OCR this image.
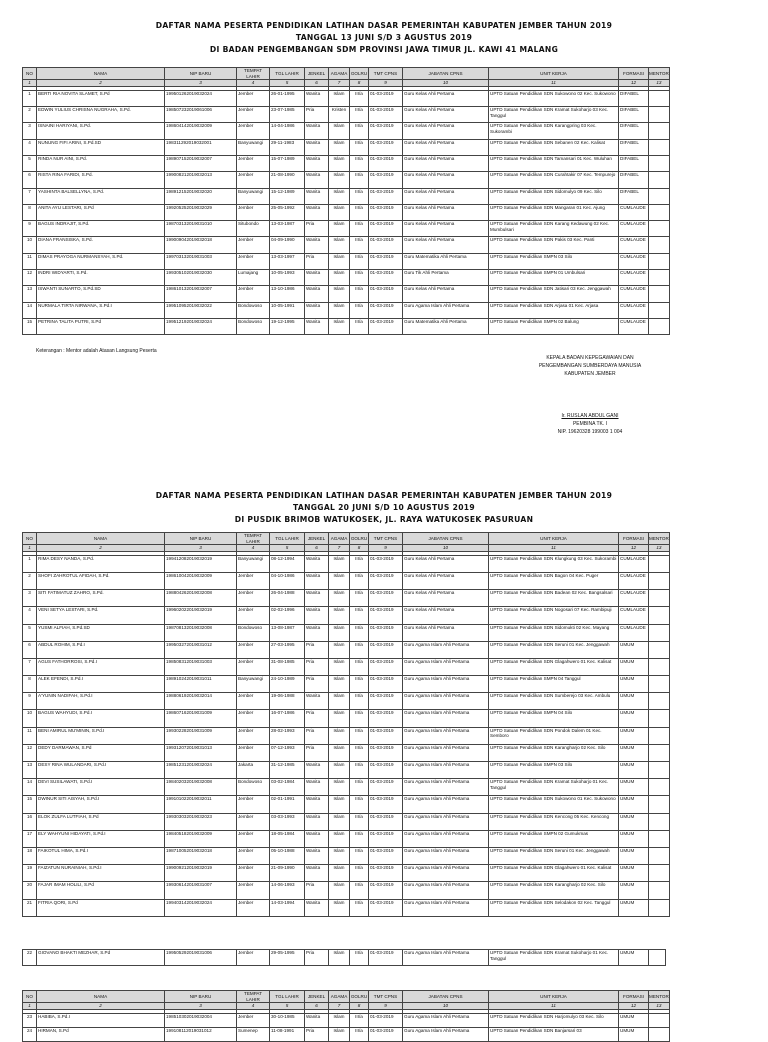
DAFTAR NAMA PESERTA PENDIDIKAN LATIHAN DASAR PEMERINTAH KABUPATEN JEMBER TAHUN 2019
TANGGAL 13 JUNI S/D 3 AGUSTUS 2019
DI BADAN PENGEMBANGAN SDM PROVINSI JAWA TIMUR JL. KAWI 41 MALANG
NO	NAMA	NIP BARU	TEMPAT LAHIR	TGL LAHIR	JENKEL	AGAMA	GOLRU	TMT CPNS	JABATAN CPNS	UNIT KERJA	FORMASI	MENTOR
1	2	3	4	5	6	7	8	9	10	11	12	13

1	BERTI RIA NOVITA SLAMET, S.Pd	199501262019032024	Jember	26-01-1995	Wanita	Islam	III/a	01-03-2019	Guru Kelas Ahli Pertama	UPTD Satuan Pendidikan SDN Sukowono 02 Kec. Sukowono	DIFABEL	
2	EDWIN YULIUS CHRISNA NUGRAHA, S.Pd.	198507232019061006	Jember	23-07-1985	Pria	Kristen	III/a	01-03-2019	Guru Kelas Ahli Pertama	UPTD Satuan Pendidikan SDN Kramat Sukoharjo 03 Kec. Tanggul	DIFABEL	
3	ISNAINI HARIYANI, S.Pd.	198604142019032009	Jember	14-04-1986	Wanita	Islam	III/a	01-03-2019	Guru Kelas Ahli Pertama	UPTD Satuan Pendidikan SDN Karangpring 03 Kec. Sukorambi	DIFABEL	
4	NUNUNG FIFI ARINI, S.Pd.SD	198311292019032001	Banyuwangi	29-11-1983	Wanita	Islam	III/a	01-03-2019	Guru Kelas Ahli Pertama	UPTD Satuan Pendidikan SDN Sebanen 02 Kec. Kalisat	DIFABEL	
5	RINDA NUR AINI, S.Pd.	198907152019032007	Jember	15-07-1989	Wanita	Islam	III/a	01-03-2019	Guru Kelas Ahli Pertama	UPTD Satuan Pendidikan SDN Tamansari 01 Kec. Wuluhan	DIFABEL	
6	RISTA RINA FARIDI, S.Pd.	199008212019032013	Jember	21-08-1990	Wanita	Islam	III/a	01-03-2019	Guru Kelas Ahli Pertama	UPTD Satuan Pendidikan SDN Curahtakir 07 Kec. Tempurejo	DIFABEL	
7	YASHINTA BALSELLYNA, S.Pd.	198912152019032020	Banyuwangi	15-12-1989	Wanita	Islam	III/a	01-03-2019	Guru Kelas Ahli Pertama	UPTD Satuan Pendidikan SDN Sidomulyo 09 Kec. Silo	DIFABEL	
8	ANITA AYU LESTARI, S.Pd	199205252019032029	Jember	25-05-1992	Wanita	Islam	III/a	01-03-2019	Guru Kelas Ahli Pertama	UPTD Satuan Pendidikan SDN Mangaran 01 Kec. Ajung	CUMLAUDE	
9	BAGUS INDRAJIT, S.Pd.	198703132019031010	Situbondo	13-03-1987	Pria	Islam	III/a	01-03-2019	Guru Kelas Ahli Pertama	UPTD Satuan Pendidikan SDN Karang Kedawung 02 Kec. Mumbulsari	CUMLAUDE	
10	DIANA FRANSISKA, S.Pd.	199009042019032018	Jember	04-09-1990	Wanita	Islam	III/a	01-03-2019	Guru Kelas Ahli Pertama	UPTD Satuan Pendidikan SDN Pakis 03 Kec. Panti	CUMLAUDE	
11	DIMAS PRAYOGA NURMANSYAH, S.Pd.	199703132019031003	Jember	13-03-1997	Pria	Islam	III/a	01-03-2019	Guru Matematika Ahli Pertama	UPTD Satuan Pendidikan SMPN 03 Silo	CUMLAUDE	
12	INDRI WIDYARTI, S.Pd.	199305102019032030	Lumajang	10-05-1993	Wanita	Islam	III/a	01-03-2019	Guru Tik Ahli Pertama	UPTD Satuan Pendidikan SMPN 01 Umbulsari	CUMLAUDE	
13	ISWANTI SUNARTO, S.Pd.SD	198610132019032007	Jember	13-10-1986	Wanita	Islam	III/a	01-03-2019	Guru Kelas Ahli Pertama	UPTD Satuan Pendidikan SDN Jatisari 03 Kec. Jenggawah	CUMLAUDE	
14	NURMALA TIRTA NIRWANA, S.Pd.I	199510952019032022	Bondowoso	10-05-1991	Wanita	Islam	III/a	01-03-2019	Guru Agama Islam Ahli Pertama	UPTD Satuan Pendidikan SDN Arjasa 01 Kec. Arjasa	CUMLAUDE	
15	PETRINA TALITA PUTRI, S.Pd	199512192019032024	Bondowoso	19-12-1995	Wanita	Islam	III/a	01-03-2019	Guru Matematika Ahli Pertama	UPTD Satuan Pendidikan SMPN 02 Balung	CUMLAUDE	
Keterangan : Mentor adalah Atasan Langsung Peserta
KEPALA BADAN KEPEGAWAIAN DAN
PENGEMBANGAN SUMBERDAYA MANUSIA
KABUPATEN JEMBER
Ir. RUSLAN ABDUL GANI
PEMBINA TK. I
NIP. 19620328 199003 1 004
DAFTAR NAMA PESERTA PENDIDIKAN LATIHAN DASAR PEMERINTAH KABUPATEN JEMBER TAHUN 2019
TANGGAL 20 JUNI S/D 10 AGUSTUS 2019
DI PUSDIK BRIMOB WATUKOSEK, JL. RAYA WATUKOSEK PASURUAN
NO	NAMA	NIP BARU	TEMPAT LAHIR	TGL LAHIR	JENKEL	AGAMA	GOLRU	TMT CPNS	JABATAN CPNS	UNIT KERJA	FORMASI	MENTOR
1	2	3	4	5	6	7	8	9	10	11	12	13

1	RIMA DESY NANDA, S.Pd.	199412082019032019	Banyuwangi	08-12-1994	Wanita	Islam	III/a	01-03-2019	Guru Kelas Ahli Pertama	UPTD Satuan Pendidikan SDN Klungkung 03 Kec. Sukorambi	CUMLAUDE	
2	SHOFI ZAHROTUL AFIDAH, S.Pd.	198610042019032009	Jember	04-10-1986	Wanita	Islam	III/a	01-03-2019	Guru Kelas Ahli Pertama	UPTD Satuan Pendidikan SDN Bagon 04 Kec. Puger	CUMLAUDE	
3	SITI FATIMATUZ ZAHRO, S.Pd.	198804262019032008	Jember	26-04-1988	Wanita	Islam	III/a	01-03-2019	Guru Kelas Ahli Pertama	UPTD Satuan Pendidikan SDN Badean 02 Kec. Bangsalsari	CUMLAUDE	
4	VENI SETYA LESTARI, S.Pd.	199602022019032019	Jember	02-02-1996	Wanita	Islam	III/a	01-03-2019	Guru Kelas Ahli Pertama	UPTD Satuan Pendidikan SDN Nogosari 07 Kec. Rambipuji	CUMLAUDE	
5	YUSMI ALFIAH, S.Pd.SD	198708132019032008	Bondowoso	13-08-1987	Wanita	Islam	III/a	01-03-2019	Guru Kelas Ahli Pertama	UPTD Satuan Pendidikan SDN Sidomukti 02 Kec. Mayang	CUMLAUDE	
6	ABDUL ROHIM, S.Pd.I	199503272019031012	Jember	27-03-1995	Pria	Islam	III/a	01-03-2019	Guru Agama Islam Ahli Pertama	UPTD Satuan Pendidikan SDN Seruni 01 Kec. Jenggawah	UMUM	
7	AGUS FATHORROSI, S.Pd.I	198508312019031003	Jember	31-08-1985	Pria	Islam	III/a	01-03-2019	Guru Agama Islam Ahli Pertama	UPTD Satuan Pendidikan SDN Glagahwero 01 Kec. Kalisat	UMUM	
8	ALEK EFENDI, S.Pd.I	198910242019031011	Banyuwangi	24-10-1989	Pria	Islam	III/a	01-03-2019	Guru Agama Islam Ahli Pertama	UPTD Satuan Pendidikan SMPN 04 Tanggul	UMUM	
9	A'YUNIN NADIFAH, S.Pd.I	198806192019032014	Jember	19-06-1988	Wanita	Islam	III/a	01-03-2019	Guru Agama Islam Ahli Pertama	UPTD Satuan Pendidikan SDN Sumberejo 03 Kec. Ambulu	UMUM	
10	BAGUS WAHYUDI, S.Pd.I	198607162019031009	Jember	16-07-1986	Pria	Islam	III/a	01-03-2019	Guru Agama Islam Ahli Pertama	UPTD Satuan Pendidikan SMPN 04 Silo	UMUM	
11	BENI AMIRUL MU'MININ, S.Pd.I	199302282019031009	Jember	28-02-1993	Pria	Islam	III/a	01-03-2019	Guru Agama Islam Ahli Pertama	UPTD Satuan Pendidikan SDN Pondok Dalem 01 Kec. Semboro	UMUM	
12	DEDY DARMAWAN, S.Pd	199312072019031013	Jember	07-12-1993	Pria	Islam	III/a	01-03-2019	Guru Agama Islam Ahli Pertama	UPTD Satuan Pendidikan SDN Karangharjo 02 Kec. Silo	UMUM	
13	DESY RINA WULANDARI, S.Pd.I	198512312019032024	Jakarta	31-12-1985	Wanita	Islam	III/a	01-03-2019	Guru Agama Islam Ahli Pertama	UPTD Satuan Pendidikan SMPN 03 Silo	UMUM	
14	DEVI SUSILAWATI, S.Pd.I	198402032019032008	Bondowoso	03-02-1984	Wanita	Islam	III/a	01-03-2019	Guru Agama Islam Ahli Pertama	UPTD Satuan Pendidikan SDN Kramat Sukoharjo 01 Kec. Tanggul	UMUM	
15	DWINUR SITI AISYAH, S.Pd.I	199101022019032011	Jember	02-01-1991	Wanita	Islam	III/a	01-03-2019	Guru Agama Islam Ahli Pertama	UPTD Satuan Pendidikan SDN Sukowono 01 Kec. Sukowono	UMUM	
16	ELOK ZULFA LUTFIAH, S.Pd	199303032019032023	Jember	03-03-1993	Wanita	Islam	III/a	01-03-2019	Guru Agama Islam Ahli Pertama	UPTD Satuan Pendidikan SDN Kencong 05 Kec. Kencong	UMUM	
17	ELY WAHYUNI HIDAYATI, S.Pd.I	198405182019032009	Jember	18-05-1984	Wanita	Islam	III/a	01-03-2019	Guru Agama Islam Ahli Pertama	UPTD Satuan Pendidikan SMPN 02 Gumukmas	UMUM	
18	FAIKOTUL HIMA, S.Pd.I	198710052019032018	Jember	05-10-1988	Wanita	Islam	III/a	01-03-2019	Guru Agama Islam Ahli Pertama	UPTD Satuan Pendidikan SDN Seruni 01 Kec. Jenggawah	UMUM	
19	FAIZATUN NURAINIAH, S.Pd.I	199009212019032019	Jember	21-09-1990	Wanita	Islam	III/a	01-03-2019	Guru Agama Islam Ahli Pertama	UPTD Satuan Pendidikan SDN Glagahwero 01 Kec. Kalisat	UMUM	
20	FAJAR IMAM HOLILI, S.Pd	199306142019031007	Jember	14-06-1993	Pria	Islam	III/a	01-03-2019	Guru Agama Islam Ahli Pertama	UPTD Satuan Pendidikan SDN Karangharjo 02 Kec. Silo	UMUM	
21	FITRIA QORI, S.Pd	199403142019032024	Jember	14-03-1994	Wanita	Islam	III/a	01-03-2019	Guru Agama Islam Ahli Pertama	UPTD Satuan Pendidikan SDN Selodakon 02 Kec. Tanggul	UMUM	
22	GIOVANO BHAKTI MEZHAR, S.Pd	199505292019031006	Jember	29-05-1995	Pria	Islam	III/a	01-03-2019	Guru Agama Islam Ahli Pertama	UPTD Satuan Pendidikan SDN Kramat Sukoharjo 01 Kec. Tanggul	UMUM	
NO	NAMA	NIP BARU	TEMPAT LAHIR	TGL LAHIR	JENKEL	AGAMA	GOLRU	TMT CPNS	JABATAN CPNS	UNIT KERJA	FORMASI	MENTOR
1	2	3	4	5	6	7	8	9	10	11	12	13

23	HABIBA, S.Pd.I	198510302019032004	Jember	30-10-1985	Wanita	Islam	III/a	01-03-2019	Guru Agama Islam Ahli Pertama	UPTD Satuan Pendidikan SDN Harjomulyo 03 Kec. Silo	UMUM	
24	HIRMAN, S.Pd	199108112019031012	Sumenep	11-08-1991	Pria	Islam	III/a	01-03-2019	Guru Agama Islam Ahli Pertama	UPTD Satuan Pendidikan SDN Banjarsari 03	UMUM	
